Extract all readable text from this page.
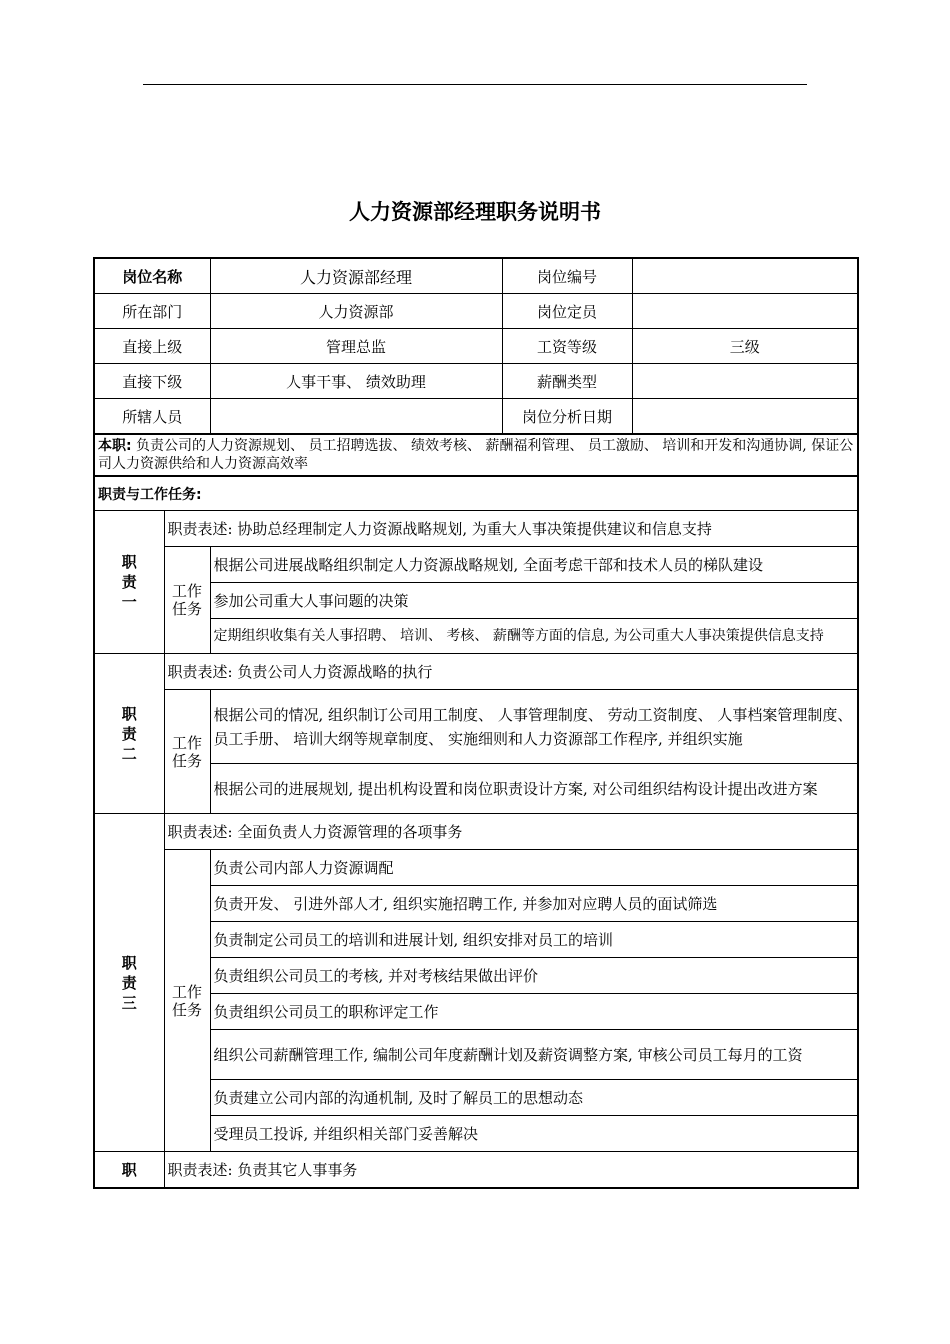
人力资源部经理职务说明书
岗位名称		人力资源部经理	岗位编号	
所在部门		人力资源部	岗位定员	
直接上级		管理总监	工资等级	三级
直接下级		人事干事、 绩效助理	薪酬类型	
所辖人员			岗位分析日期	
本职: 负责公司的人力资源规划、 员工招聘选拔、 绩效考核、 薪酬福利管理、 员工激励、 培训和开发和沟通协调, 保证公司人力资源供给和人力资源高效率				
职责与工作任务:				
职责一	职责表述: 协助总经理制定人力资源战略规划, 为重大人事决策提供建议和信息支持			
	工作任务	根据公司进展战略组织制定人力资源战略规划, 全面考虑干部和技术人员的梯队建设		
		参加公司重大人事问题的决策		
		定期组织收集有关人事招聘、 培训、 考核、 薪酬等方面的信息, 为公司重大人事决策提供信息支持		
职责二	职责表述: 负责公司人力资源战略的执行			
	工作任务	根据公司的情况, 组织制订公司用工制度、 人事管理制度、 劳动工资制度、 人事档案管理制度、 员工手册、 培训大纲等规章制度、 实施细则和人力资源部工作程序, 并组织实施		
		根据公司的进展规划, 提出机构设置和岗位职责设计方案, 对公司组织结构设计提出改进方案		
职责三	职责表述: 全面负责人力资源管理的各项事务			
	工作任务	负责公司内部人力资源调配		
		负责开发、 引进外部人才, 组织实施招聘工作, 并参加对应聘人员的面试筛选		
		负责制定公司员工的培训和进展计划, 组织安排对员工的培训		
		负责组织公司员工的考核, 并对考核结果做出评价		
		负责组织公司员工的职称评定工作		
		组织公司薪酬管理工作, 编制公司年度薪酬计划及薪资调整方案, 审核公司员工每月的工资		
		负责建立公司内部的沟通机制, 及时了解员工的思想动态		
		受理员工投诉, 并组织相关部门妥善解决		
职	职责表述: 负责其它人事事务			
